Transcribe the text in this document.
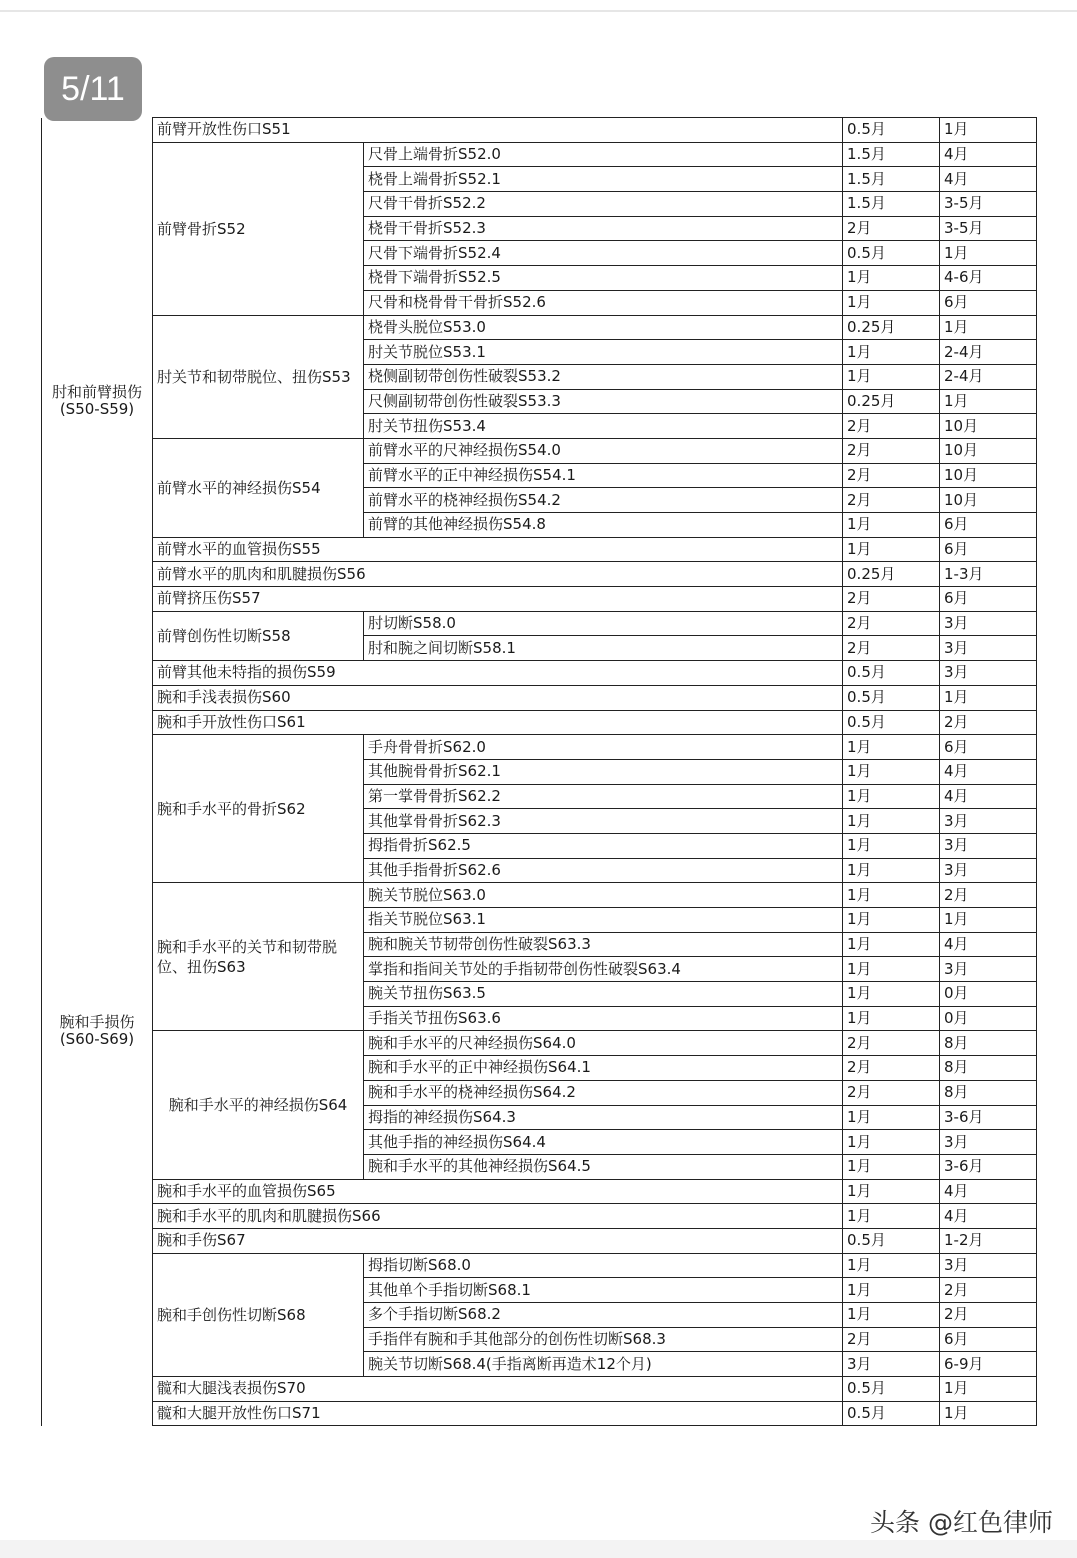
肘和前臂损伤(S50-S59)	前臂开放性伤口S51		0.5月	1月
	前臂骨折S52	尺骨上端骨折S52.0	1.5月	4月
		桡骨上端骨折S52.1	1.5月	4月
		尺骨干骨折S52.2	1.5月	3-5月
		桡骨干骨折S52.3	2月	3-5月
		尺骨下端骨折S52.4	0.5月	1月
		桡骨下端骨折S52.5	1月	4-6月
		尺骨和桡骨骨干骨折S52.6	1月	6月
	肘关节和韧带脱位、扭伤S53	桡骨头脱位S53.0	0.25月	1月
		肘关节脱位S53.1	1月	2-4月
		桡侧副韧带创伤性破裂S53.2	1月	2-4月
		尺侧副韧带创伤性破裂S53.3	0.25月	1月
		肘关节扭伤S53.4	2月	10月
	前臂水平的神经损伤S54	前臂水平的尺神经损伤S54.0	2月	10月
		前臂水平的正中神经损伤S54.1	2月	10月
		前臂水平的桡神经损伤S54.2	2月	10月
		前臂的其他神经损伤S54.8	1月	6月
	前臂水平的血管损伤S55		1月	6月
	前臂水平的肌肉和肌腱损伤S56		0.25月	1-3月
	前臂挤压伤S57		2月	6月
	前臂创伤性切断S58	肘切断S58.0	2月	3月
		肘和腕之间切断S58.1	2月	3月
	前臂其他未特指的损伤S59		0.5月	3月
腕和手损伤(S60-S69)	腕和手浅表损伤S60		0.5月	1月
	腕和手开放性伤口S61		0.5月	2月
	腕和手水平的骨折S62	手舟骨骨折S62.0	1月	6月
		其他腕骨骨折S62.1	1月	4月
		第一掌骨骨折S62.2	1月	4月
		其他掌骨骨折S62.3	1月	3月
		拇指骨折S62.5	1月	3月
		其他手指骨折S62.6	1月	3月
	腕和手水平的关节和韧带脱位、扭伤S63	腕关节脱位S63.0	1月	2月
		指关节脱位S63.1	1月	1月
		腕和腕关节韧带创伤性破裂S63.3	1月	4月
		掌指和指间关节处的手指韧带创伤性破裂S63.4	1月	3月
		腕关节扭伤S63.5	1月	0月
		手指关节扭伤S63.6	1月	0月
	腕和手水平的神经损伤S64	腕和手水平的尺神经损伤S64.0	2月	8月
		腕和手水平的正中神经损伤S64.1	2月	8月
		腕和手水平的桡神经损伤S64.2	2月	8月
		拇指的神经损伤S64.3	1月	3-6月
		其他手指的神经损伤S64.4	1月	3月
		腕和手水平的其他神经损伤S64.5	1月	3-6月
	腕和手水平的血管损伤S65		1月	4月
	腕和手水平的肌肉和肌腱损伤S66		1月	4月
	腕和手伤S67		0.5月	1-2月
	腕和手创伤性切断S68	拇指切断S68.0	1月	3月
		其他单个手指切断S68.1	1月	2月
		多个手指切断S68.2	1月	2月
		手指伴有腕和手其他部分的创伤性切断S68.3	2月	6月
		腕关节切断S68.4(手指离断再造术12个月)	3月	6-9月
	髋和大腿浅表损伤S70		0.5月	1月
	髋和大腿开放性伤口S71		0.5月	1月
5/11
头条 @红色律师
